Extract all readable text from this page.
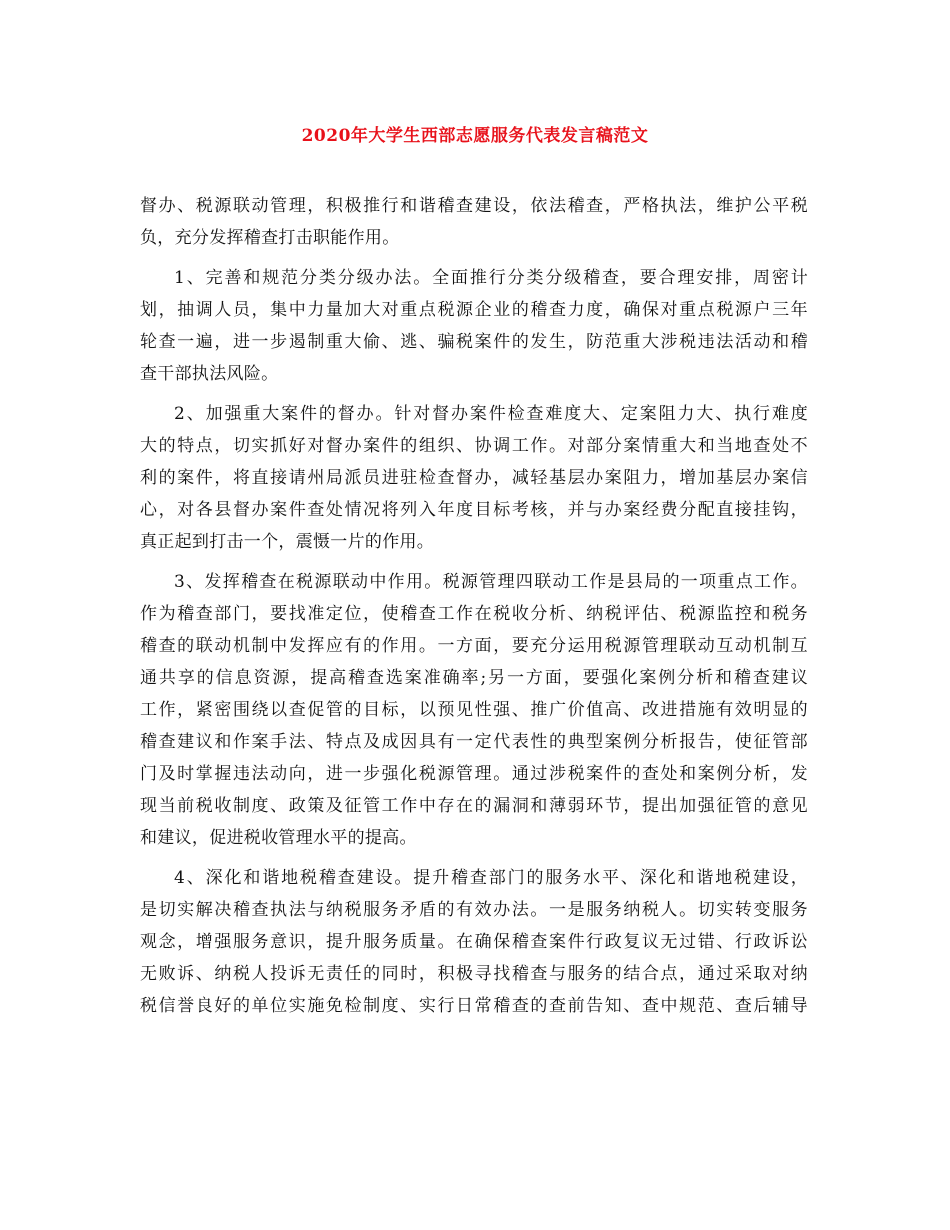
2020年大学生西部志愿服务代表发言稿范文
督办、税源联动管理，积极推行和谐稽查建设，依法稽查，严格执法，维护公平税
负，充分发挥稽查打击职能作用。
1、完善和规范分类分级办法。全面推行分类分级稽查，要合理安排，周密计
划，抽调人员，集中力量加大对重点税源企业的稽查力度，确保对重点税源户三年
轮查一遍，进一步遏制重大偷、逃、骗税案件的发生，防范重大涉税违法活动和稽
查干部执法风险。
2、加强重大案件的督办。针对督办案件检查难度大、定案阻力大、执行难度
大的特点，切实抓好对督办案件的组织、协调工作。对部分案情重大和当地查处不
利的案件，将直接请州局派员进驻检查督办，减轻基层办案阻力，增加基层办案信
心，对各县督办案件查处情况将列入年度目标考核，并与办案经费分配直接挂钩，
真正起到打击一个，震慑一片的作用。
3、发挥稽查在税源联动中作用。税源管理四联动工作是县局的一项重点工作。
作为稽查部门，要找准定位，使稽查工作在税收分析、纳税评估、税源监控和税务
稽查的联动机制中发挥应有的作用。一方面，要充分运用税源管理联动互动机制互
通共享的信息资源，提高稽查选案准确率;另一方面，要强化案例分析和稽查建议
工作，紧密围绕以查促管的目标，以预见性强、推广价值高、改进措施有效明显的
稽查建议和作案手法、特点及成因具有一定代表性的典型案例分析报告，使征管部
门及时掌握违法动向，进一步强化税源管理。通过涉税案件的查处和案例分析，发
现当前税收制度、政策及征管工作中存在的漏洞和薄弱环节，提出加强征管的意见
和建议，促进税收管理水平的提高。
4、深化和谐地税稽查建设。提升稽查部门的服务水平、深化和谐地税建设，
是切实解决稽查执法与纳税服务矛盾的有效办法。一是服务纳税人。切实转变服务
观念，增强服务意识，提升服务质量。在确保稽查案件行政复议无过错、行政诉讼
无败诉、纳税人投诉无责任的同时，积极寻找稽查与服务的结合点，通过采取对纳
税信誉良好的单位实施免检制度、实行日常稽查的查前告知、查中规范、查后辅导
